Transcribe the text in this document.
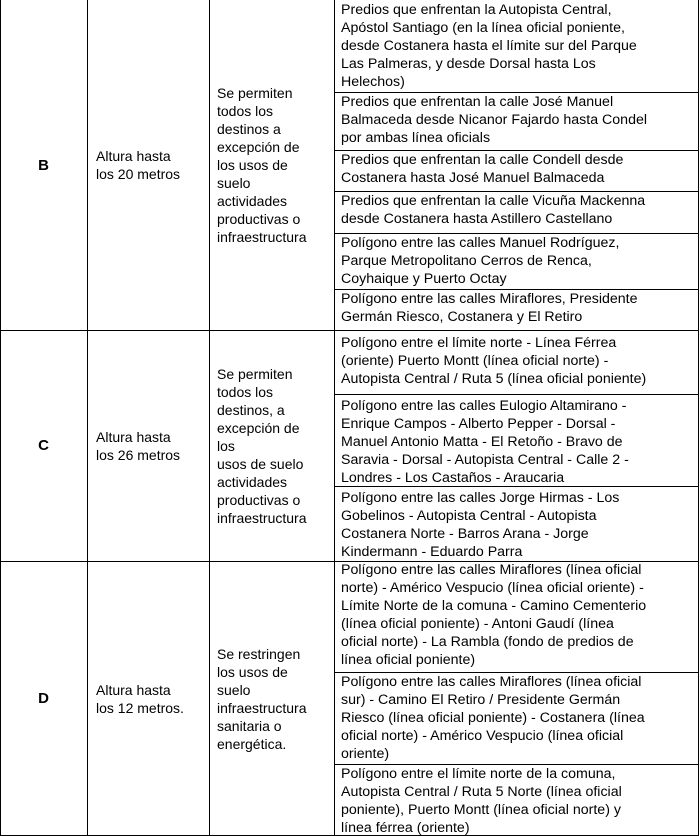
B
Altura hasta
los 20 metros
Se permiten
todos los
destinos a
excepción de
los usos de
suelo
actividades
productivas o
infraestructura
Predios que enfrentan la Autopista Central,
Apóstol Santiago (en la línea oficial poniente,
desde Costanera hasta el límite sur del Parque
Las Palmeras, y desde Dorsal hasta Los
Helechos)
Predios que enfrentan la calle José Manuel
Balmaceda desde Nicanor Fajardo hasta Condel
por ambas línea oficials
Predios que enfrentan la calle Condell desde
Costanera hasta José Manuel Balmaceda
Predios que enfrentan la calle Vicuña Mackenna
desde Costanera hasta Astillero Castellano
Polígono entre las calles Manuel Rodríguez,
Parque Metropolitano Cerros de Renca,
Coyhaique y Puerto Octay
Polígono entre las calles Miraflores, Presidente
Germán Riesco, Costanera y El Retiro
C
Altura hasta
los 26 metros
Se permiten
todos los
destinos, a
excepción de
los
usos de suelo
actividades
productivas o
infraestructura
Polígono entre el límite norte - Línea Férrea
(oriente) Puerto Montt (línea oficial norte) -
Autopista Central / Ruta 5 (línea oficial poniente)
Polígono entre las calles Eulogio Altamirano -
Enrique Campos - Alberto Pepper - Dorsal -
Manuel Antonio Matta - El Retoño - Bravo de
Saravia - Dorsal - Autopista Central - Calle 2 -
Londres - Los Castaños - Araucaria
Polígono entre las calles Jorge Hirmas - Los
Gobelinos - Autopista Central - Autopista
Costanera Norte - Barros Arana - Jorge
Kindermann - Eduardo Parra
D
Altura hasta
los 12 metros.
Se restringen
los usos de
suelo
infraestructura
sanitaria o
energética.
Polígono entre las calles Miraflores (línea oficial
norte) - Américo Vespucio (línea oficial oriente) -
Límite Norte de la comuna - Camino Cementerio
(línea oficial poniente) - Antoni Gaudí (línea
oficial norte) - La Rambla (fondo de predios de
línea oficial poniente)
Polígono entre las calles Miraflores (línea oficial
sur) - Camino El Retiro / Presidente Germán
Riesco (línea oficial poniente) - Costanera (línea
oficial norte) - Américo Vespucio (línea oficial
oriente)
Polígono entre el límite norte de la comuna,
Autopista Central / Ruta 5 Norte (línea oficial
poniente), Puerto Montt (línea oficial norte) y
línea férrea (oriente)
